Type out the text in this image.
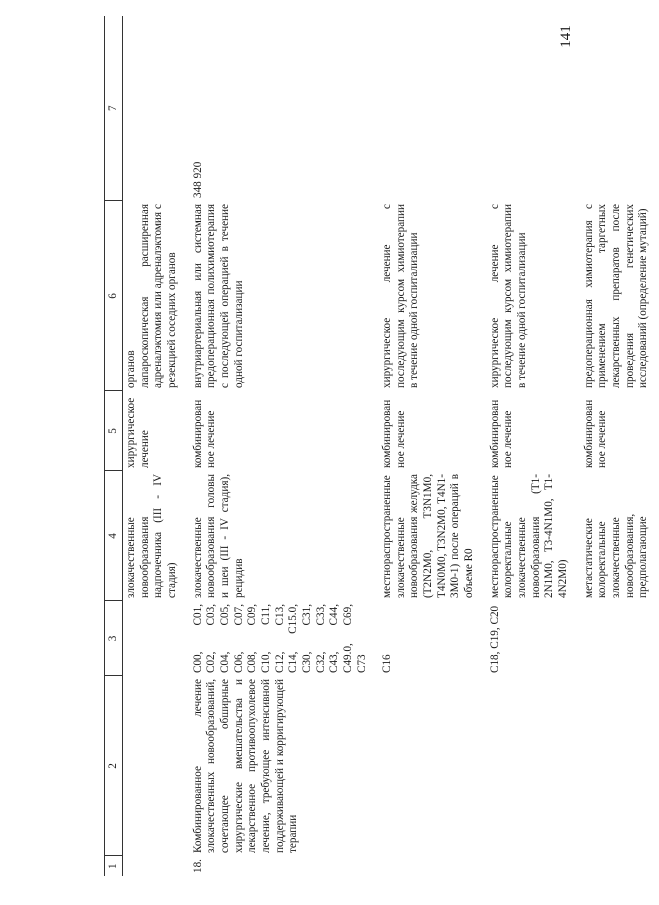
141
1	2	3	4	5	6	7
			злокачественные новообразования надпочечника (III - IV стадия)	хирургическое лечение	органов
лапароскопическая расширенная адреналэктомия или адреналэктомия с резекцией соседних органов	
18.	Комбинированное лечение злокачественных новообразований, сочетающее обширные хирургические вмешательства и лекарственное противоопухолевое лечение, требующее интенсивной поддерживающей и корригирующей терапии	C00, C01, C02, C03, C04, C05, C06, C07, C08, C09, C10, C11, C12, C13, C14, C15.0, C30, C31, C32, C33, C43, C44, C49.0, C69, C73	злокачественные новообразования головы и шеи (III - IV стадия), рецидив	комбинированное лечение	внутриартериальная или системная предоперационная полихимиотерапия с последующей операцией в течение одной госпитализации	348 920
		C16	местнораспространенные злокачественные новообразования желудка (T2N2M0, T3N1M0, T4N0M0, T3N2M0, T4N1-3M0-1) после операций в объеме R0	комбинированное лечение	хирургическое лечение с последующим курсом химиотерапии в течение одной госпитализации	
		C18, C19, C20	местнораспространенные колоректальные злокачественные новообразования (T1-2N1M0, T3-4N1M0, T1-4N2M0)	комбинированное лечение	хирургическое лечение с последующим курсом химиотерапии в течение одной госпитализации	
			метастатические колоректальные злокачественные новообразования, предполагающие	комбинированное лечение	предоперационная химиотерапия с применением таргетных лекарственных препаратов после проведения генетических исследований (определение мутаций)	
